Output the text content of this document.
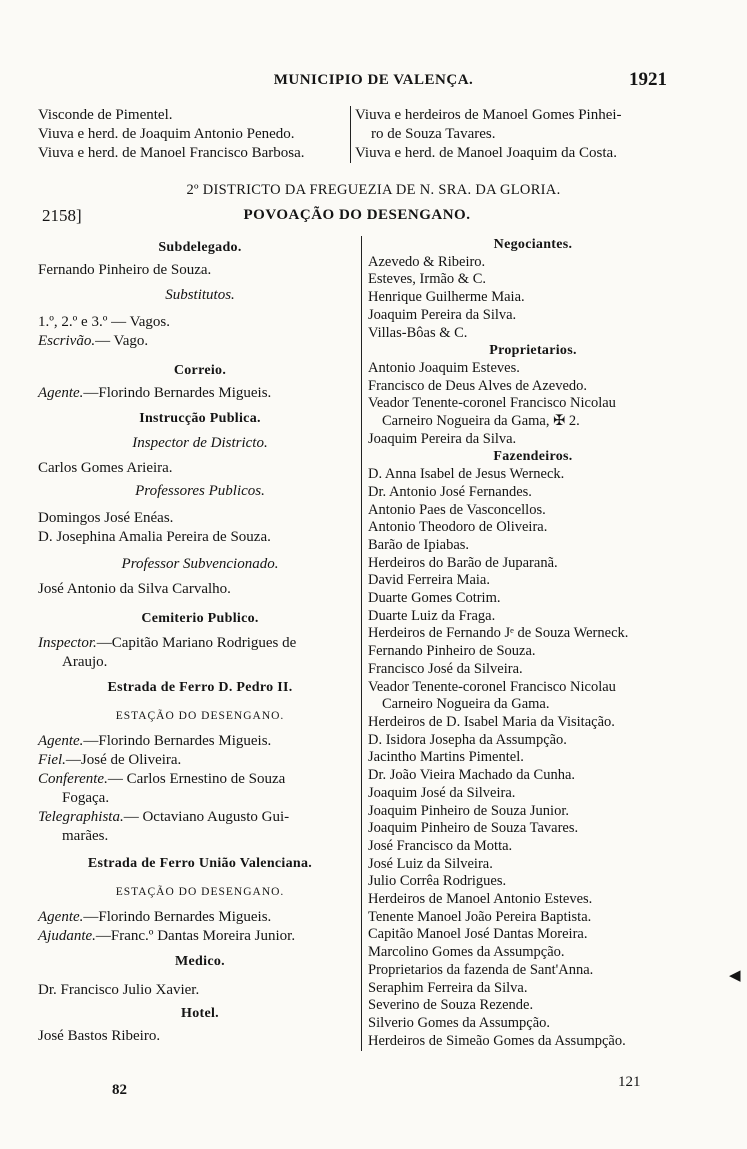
MUNICIPIO DE VALENÇA.	1921

Visconde de Pimentel.

Viuva e herd. de Joaquim Antonio Penedo.

Viuva e herd. de Manoel Francisco Barbosa.

Viuva e herdeiros de Manoel Gomes Pinhei-

ro de Souza Tavares.

Viuva e herd. de Manoel Joaquim da Costa.

2º DISTRICTO DA FREGUEZIA DE N. SRA. DA GLORIA.
2158]	POVOAÇÃO DO DESENGANO.

Subdelegado.

Fernando Pinheiro de Souza.

Substitutos.

1.º, 2.º e 3.º — Vagos.

Escrivão.— Vago.

Correio.

Agente.—Florindo Bernardes Migueis.

Instrucção Publica.

Inspector de Districto.

Carlos Gomes Arieira.

Professores Publicos.

Domingos José Enéas.

D. Josephina Amalia Pereira de Souza.

Professor Subvencionado.

José Antonio da Silva Carvalho.

Cemiterio Publico.

Inspector.—Capitão Mariano Rodrigues de

Araujo.

Estrada de Ferro D. Pedro II.

ESTAÇÃO DO DESENGANO.

Agente.—Florindo Bernardes Migueis.

Fiel.—José de Oliveira.

Conferente.— Carlos Ernestino de Souza

Fogaça.

Telegraphista.— Octaviano Augusto Gui-

marães.

Estrada de Ferro União Valenciana.

ESTAÇÃO DO DESENGANO.

Agente.—Florindo Bernardes Migueis.

Ajudante.—Franc.º Dantas Moreira Junior.

Medico.

Dr. Francisco Julio Xavier.

Hotel.

José Bastos Ribeiro.

Negociantes.

Azevedo & Ribeiro.

Esteves, Irmão & C.

Henrique Guilherme Maia.

Joaquim Pereira da Silva.

Villas-Bôas & C.

Proprietarios.

Antonio Joaquim Esteves.

Francisco de Deus Alves de Azevedo.

Veador Tenente-coronel Francisco Nicolau

Carneiro Nogueira da Gama, ✠ 2.

Joaquim Pereira da Silva.

Fazendeiros.

D. Anna Isabel de Jesus Werneck.

Dr. Antonio José Fernandes.

Antonio Paes de Vasconcellos.

Antonio Theodoro de Oliveira.

Barão de Ipiabas.

Herdeiros do Barão de Juparanã.

David Ferreira Maia.

Duarte Gomes Cotrim.

Duarte Luiz da Fraga.

Herdeiros de Fernando Jᵉ de Souza Werneck.

Fernando Pinheiro de Souza.

Francisco José da Silveira.

Veador Tenente-coronel Francisco Nicolau

Carneiro Nogueira da Gama.

Herdeiros de D. Isabel Maria da Visitação.

D. Isidora Josepha da Assumpção.

Jacintho Martins Pimentel.

Dr. João Vieira Machado da Cunha.

Joaquim José da Silveira.

Joaquim Pinheiro de Souza Junior.

Joaquim Pinheiro de Souza Tavares.

José Francisco da Motta.

José Luiz da Silveira.

Julio Corrêa Rodrigues.

Herdeiros de Manoel Antonio Esteves.

Tenente Manoel João Pereira Baptista.

Capitão Manoel José Dantas Moreira.

Marcolino Gomes da Assumpção.

Proprietarios da fazenda de Sant'Anna.

Seraphim Ferreira da Silva.

Severino de Souza Rezende.

Silverio Gomes da Assumpção.

Herdeiros de Simeão Gomes da Assumpção.

82	121
◀
